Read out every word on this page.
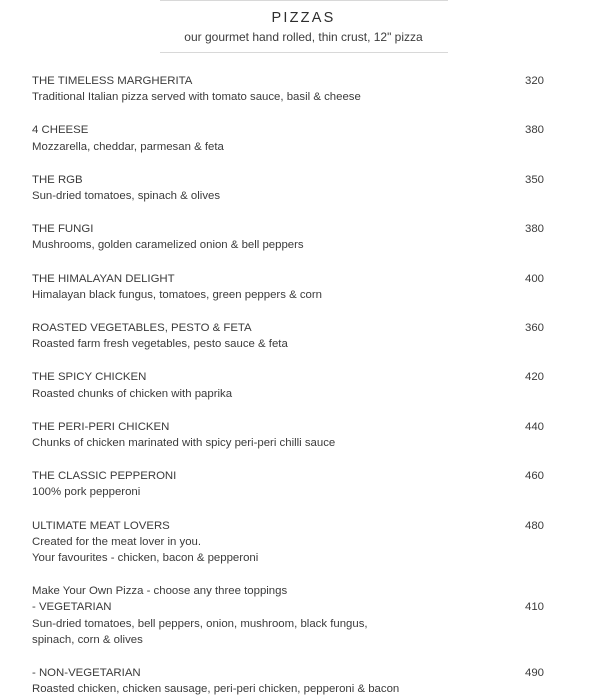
PIZZAS
our gourmet hand rolled, thin crust, 12" pizza
THE TIMELESS MARGHERITA
Traditional Italian pizza served with tomato sauce, basil & cheese
320
4 CHEESE
Mozzarella, cheddar, parmesan & feta
380
THE RGB
Sun-dried tomatoes, spinach & olives
350
THE FUNGI
Mushrooms, golden caramelized onion & bell peppers
380
THE HIMALAYAN DELIGHT
Himalayan black fungus, tomatoes, green peppers & corn
400
ROASTED VEGETABLES, PESTO & FETA
Roasted farm fresh vegetables, pesto sauce & feta
360
THE SPICY CHICKEN
Roasted chunks of chicken with paprika
420
THE PERI-PERI CHICKEN
Chunks of chicken marinated with spicy peri-peri chilli sauce
440
THE CLASSIC PEPPERONI
100% pork pepperoni
460
ULTIMATE MEAT LOVERS
Created for the meat lover in you.
Your favourites - chicken, bacon & pepperoni
480
Make Your Own Pizza - choose any three toppings
- VEGETARIAN
Sun-dried tomatoes, bell peppers, onion, mushroom, black fungus,
spinach, corn & olives
410
- NON-VEGETARIAN
Roasted chicken, chicken sausage, peri-peri chicken, pepperoni & bacon
490
